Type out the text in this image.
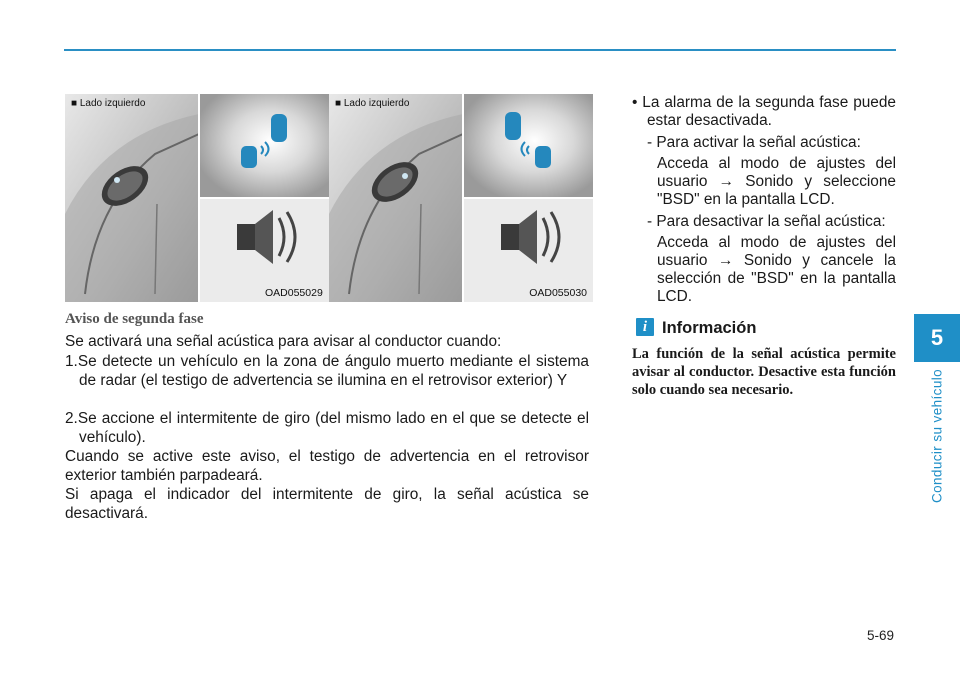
■ Lado izquierdo
OAD055029
■ Lado izquierdo
OAD055030
Aviso de segunda fase
Se activará una señal acústica para avisar al conductor cuando:
1.Se detecte un vehículo en la zona de ángulo muerto mediante el sistema de radar (el testigo de advertencia se ilumina en el retrovisor exterior) Y
2.Se accione el intermitente de giro (del mismo lado en el que se detecte el vehículo).
Cuando se active este aviso, el testigo de advertencia en el retrovisor exterior también parpadeará.
Si apaga el indicador del intermitente de giro, la señal acústica se desactivará.
• La alarma de la segunda fase puede estar desactivada.
- Para activar la señal acústica:
Acceda al modo de ajustes del usuario → Sonido y seleccione "BSD" en la pantalla LCD.
- Para desactivar la señal acústica:
Acceda al modo de ajustes del usuario → Sonido y cancele la selección de "BSD" en la pantalla LCD.
i Información
La función de la señal acústica permite avisar al conductor. Desactive esta función solo cuando sea necesario.
5
Conducir su vehículo
5-69
